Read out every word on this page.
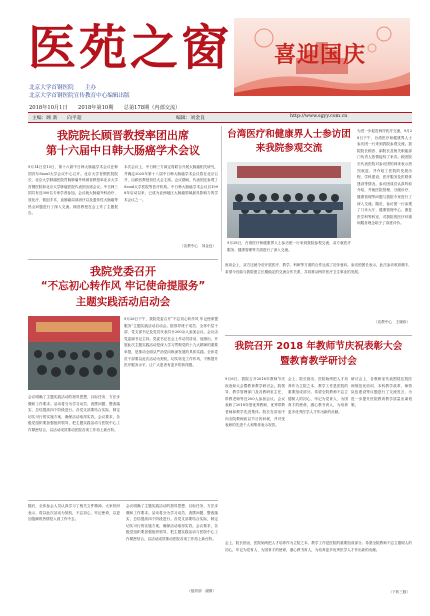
医苑之窗 喜迎国庆
北京大学首钢医院　　主办
北京大学首钢医院宣传教育中心编辑出版
2018年10月1日　　2018年第10期　　总第178期（内部交流）
主编：顾 新　　向平超	编辑：刘金良	http://www.sgyy.com.cn
我院院长顾晋教授率团出席
第十六届中日韩大肠癌学术会议
9月14日至15日，第十六届中日韩大肠癌学术会议在韩国首尔Seoul大学会议中心召开。北京大学首钢医院院长、北京大学肿瘤医院胃肠肿瘤外科顾晋教授率北京大学首钢医院和北京大学肿瘤医院代表团出席会议。中日韩三国共有近300名专家学者参加。会议就大肠癌外科治疗、放化疗、微创手术、直肠癌局部治疗以及遗传性大肠癌等热点问题进行了深入交流。顾晋教授在会上作了主题报告。
本次会议上，中日韩三方商定将联合开展大肠癌相关研究，并确定2020年第十八届中日韩大肠癌学术会议将在北京召开，由顾晋教授担任大会主席。会议期间，代表团还参观了Seoul大学医院等医疗机构。中日韩大肠癌学术会议自1998年启动以来，已成为亚洲地区大肠癌领域最具影响力的学术会议之一。
（宣教中心　刘金良）
台湾医疗和健康界人士参访团
来我院参观交流
9月28日，台湾医疗和健康界人士参访团一行来到我院参观交流，双方就医疗服务、健康管理等方面进行了深入交流。
为进一步促进两岸医疗交流，9月28日下午，台湾医疗和健康界人士参访团一行来到我院参观交流。我院院长顾晋、副院长及相关职能部门负责人热情接待了来宾。顾晋院长代表医院对参访团的到来表示热烈欢迎，并介绍了医院的发展历程、学科建设、医疗服务及医联体建设等情况。参访团成员认真听取介绍，并就医院管理、分级诊疗、健康管理等问题与我院专家进行了深入交流。随后，参访团一行参观了门诊大厅、健康管理中心、康复医学科等科室，对我院的医疗环境和服务理念给予了高度评价。
我院党委召开
“不忘初心转作风 牢记使命提服务”
主题实践活动启动会
9月26日下午，我院党委召开“不忘初心转作风 牢记使命提服务”主题实践活动启动会。院领导班子成员、全体中层干部、党支部书记及党员代表共计200余人参加会议。会议由党委副书记主持。党委书记在会上作动员讲话，他指出，开展此次主题实践活动是深入学习贯彻党的十九大精神的重要举措，是推动全面从严治党向纵深发展的具体实践。全体党员干部要以此次活动为契机，切实转变工作作风，不断提升医疗服务水平，让广大患者有更多的获得感。
会议明确了主题实践活动的指导思想、目标任务、方法步骤和工作要求。活动将分为学习动员、查摆问题、整改落实、总结提高四个阶段进行。各党支部要结合实际，制定切实可行的实施方案，确保活动取得实效。会议要求，各级党组织要加强组织领导，把主题实践活动与医院中心工作紧密结合，以活动成效推动医院各项工作再上新台阶。
座谈会上，双方还就今后开展医疗、教学、科研等方面的合作达成了初步意向。参访团团长表示，此次参访收获颇丰，希望今后能与我院建立长期稳定的交流合作关系，共同推动两岸医疗卫生事业的发展。
（宣教中心　王晓伟）
我院召开 2018 年教师节庆祝表彰大会
暨教育教学研讨会
9月6日，我院召开2018年教师节庆祝表彰大会暨教育教学研讨会。院领导、教学管理部门及各教研室主任、带教老师等近200人参加会议。会议表彰了2018年度优秀教师、优秀带教老师和教学先进集体。院长在讲话中向全院教师致以节日的问候，并对受表彰的先进个人和集体表示祝贺。
会上，院长指出，医院始终把人才培养作为立院之本，教学工作是医院的重要组成部分。希望全院教师不忘立德树人的初心，牢记为党育人、为国育才的使命，潜心教书育人，为培养更多优秀医学人才作出新的贡献。
研讨会上，各教研室代表围绕住院医师规范化培训、本科教学改革、师资队伍建设等议题进行了交流发言，为进一步提升医院教育教学质量出谋划策。
随后，全体参会人员认真学习了相关文件精神。大家纷纷表示，将以此次活动为契机，不忘初心，牢记使命，以更加饱满的热情投入到工作中去。
会议明确了主题实践活动的指导思想、目标任务、方法步骤和工作要求。活动将分为学习动员、查摆问题、整改落实、总结提高四个阶段进行。各党支部要结合实际，制定切实可行的实施方案，确保活动取得实效。会议要求，各级党组织要加强组织领导，把主题实践活动与医院中心工作紧密结合，以活动成效推动医院各项工作再上新台阶。
（组织部　谢倩）
会上，院长指出，医院始终把人才培养作为立院之本，教学工作是医院的重要组成部分。希望全院教师不忘立德树人的初心，牢记为党育人、为国育才的使命，潜心教书育人，为培养更多优秀医学人才作出新的贡献。
（下转三版）
